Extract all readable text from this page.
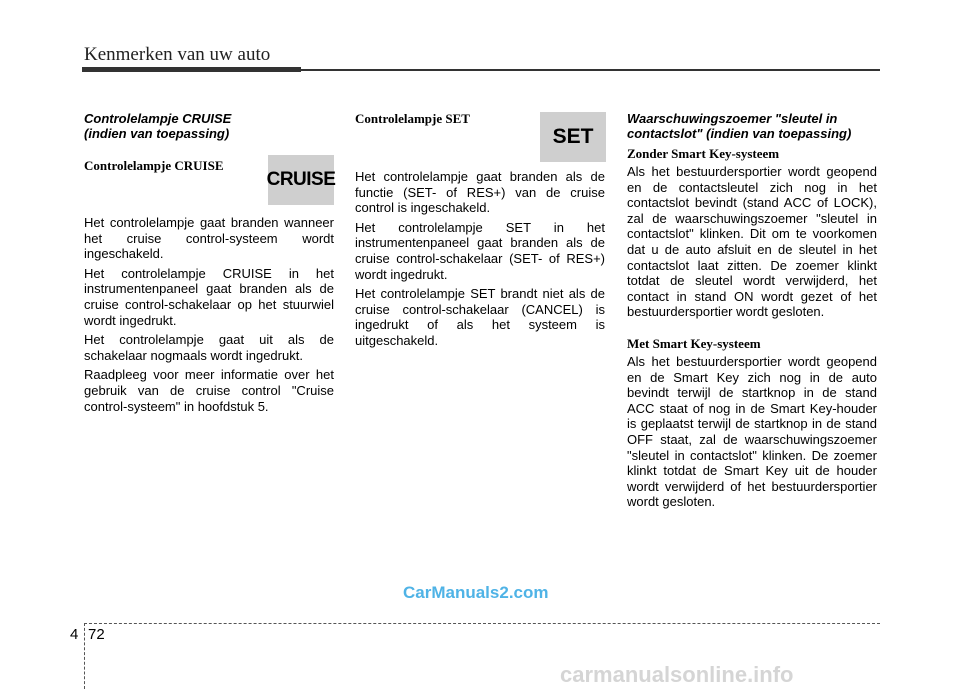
Kenmerken van uw auto

Controlelampje CRUISE
(indien van toepassing)

Controlelampje CRUISE

Het controlelampje gaat branden wanneer het cruise control-systeem wordt ingeschakeld.

Het controlelampje CRUISE in het instrumentenpaneel gaat branden als de cruise control-schakelaar op het stuurwiel wordt ingedrukt.

Het controlelampje gaat uit als de schakelaar nogmaals wordt ingedrukt.

Raadpleeg voor meer informatie over het gebruik van de cruise control "Cruise control-systeem" in hoofdstuk 5.

CRUISE

Controlelampje SET

Het controlelampje gaat branden als de functie (SET- of RES+) van de cruise control is ingeschakeld.

Het controlelampje SET in het instrumentenpaneel gaat branden als de cruise control-schakelaar (SET- of RES+) wordt ingedrukt.

Het controlelampje SET brandt niet als de cruise control-schakelaar (CANCEL) is ingedrukt of als het systeem is uitgeschakeld.

SET

Waarschuwingszoemer "sleutel in
contactslot" (indien van toepassing)

Zonder Smart Key-systeem

Als het bestuurdersportier wordt geopend en de contactsleutel zich nog in het contactslot bevindt (stand ACC of LOCK), zal de waarschuwingszoemer "sleutel in contactslot" klinken. Dit om te voorkomen dat u de auto afsluit en de sleutel in het contactslot laat zitten. De zoemer klinkt totdat de sleutel wordt verwijderd, het contact in stand ON wordt gezet of het bestuurdersportier wordt gesloten.

Met Smart Key-systeem

Als het bestuurdersportier wordt geopend en de Smart Key zich nog in de auto bevindt terwijl de startknop in de stand ACC staat of nog in de Smart Key-houder is geplaatst terwijl de startknop in de stand OFF staat, zal de waarschuwingszoemer "sleutel in contactslot" klinken. De zoemer klinkt totdat de Smart Key uit de houder wordt verwijderd of het bestuurdersportier wordt gesloten.

CarManuals2.com
4 72
carmanualsonline.info
